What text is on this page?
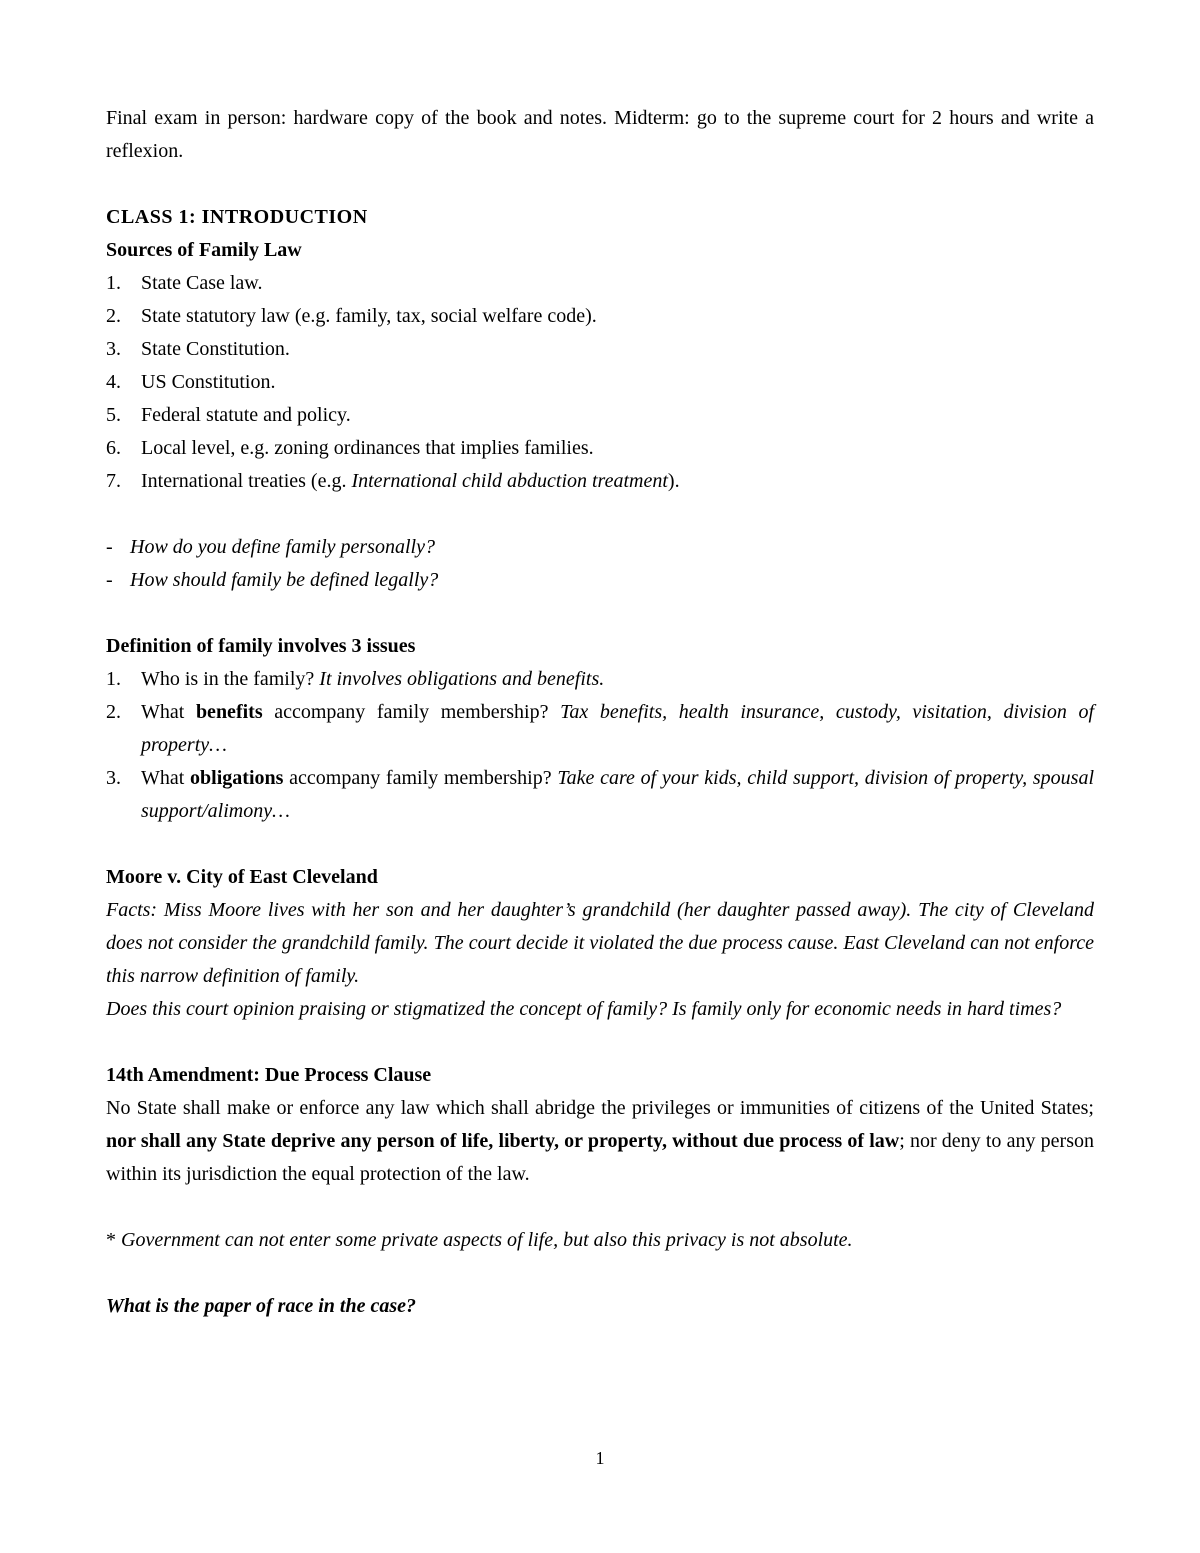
Final exam in person: hardware copy of the book and notes. Midterm: go to the supreme court for 2 hours and write a reflexion.

CLASS 1: INTRODUCTION

Sources of Family Law

1.	State Case law.
2.	State statutory law (e.g. family, tax, social welfare code).
3.	State Constitution.
4.	US Constitution.
5.	Federal statute and policy.
6.	Local level, e.g. zoning ordinances that implies families.
7.	International treaties (e.g. International child abduction treatment).
- How do you define family personally?
- How should family be defined legally?

Definition of family involves 3 issues

1.	Who is in the family? It involves obligations and benefits.
2.	What benefits accompany family membership? Tax benefits, health insurance, custody, visitation, division of property…
3.	What obligations accompany family membership? Take care of your kids, child support, division of property, spousal support/alimony…

Moore v. City of East Cleveland

Facts: Miss Moore lives with her son and her daughter’s grandchild (her daughter passed away). The city of Cleveland does not consider the grandchild family. The court decide it violated the due process cause. East Cleveland can not enforce this narrow definition of family.

Does this court opinion praising or stigmatized the concept of family? Is family only for economic needs in hard times?

14th Amendment: Due Process Clause

No State shall make or enforce any law which shall abridge the privileges or immunities of citizens of the United States; nor shall any State deprive any person of life, liberty, or property, without due process of law; nor deny to any person within its jurisdiction the equal protection of the law.

* Government can not enter some private aspects of life, but also this privacy is not absolute.

What is the paper of race in the case?

1
